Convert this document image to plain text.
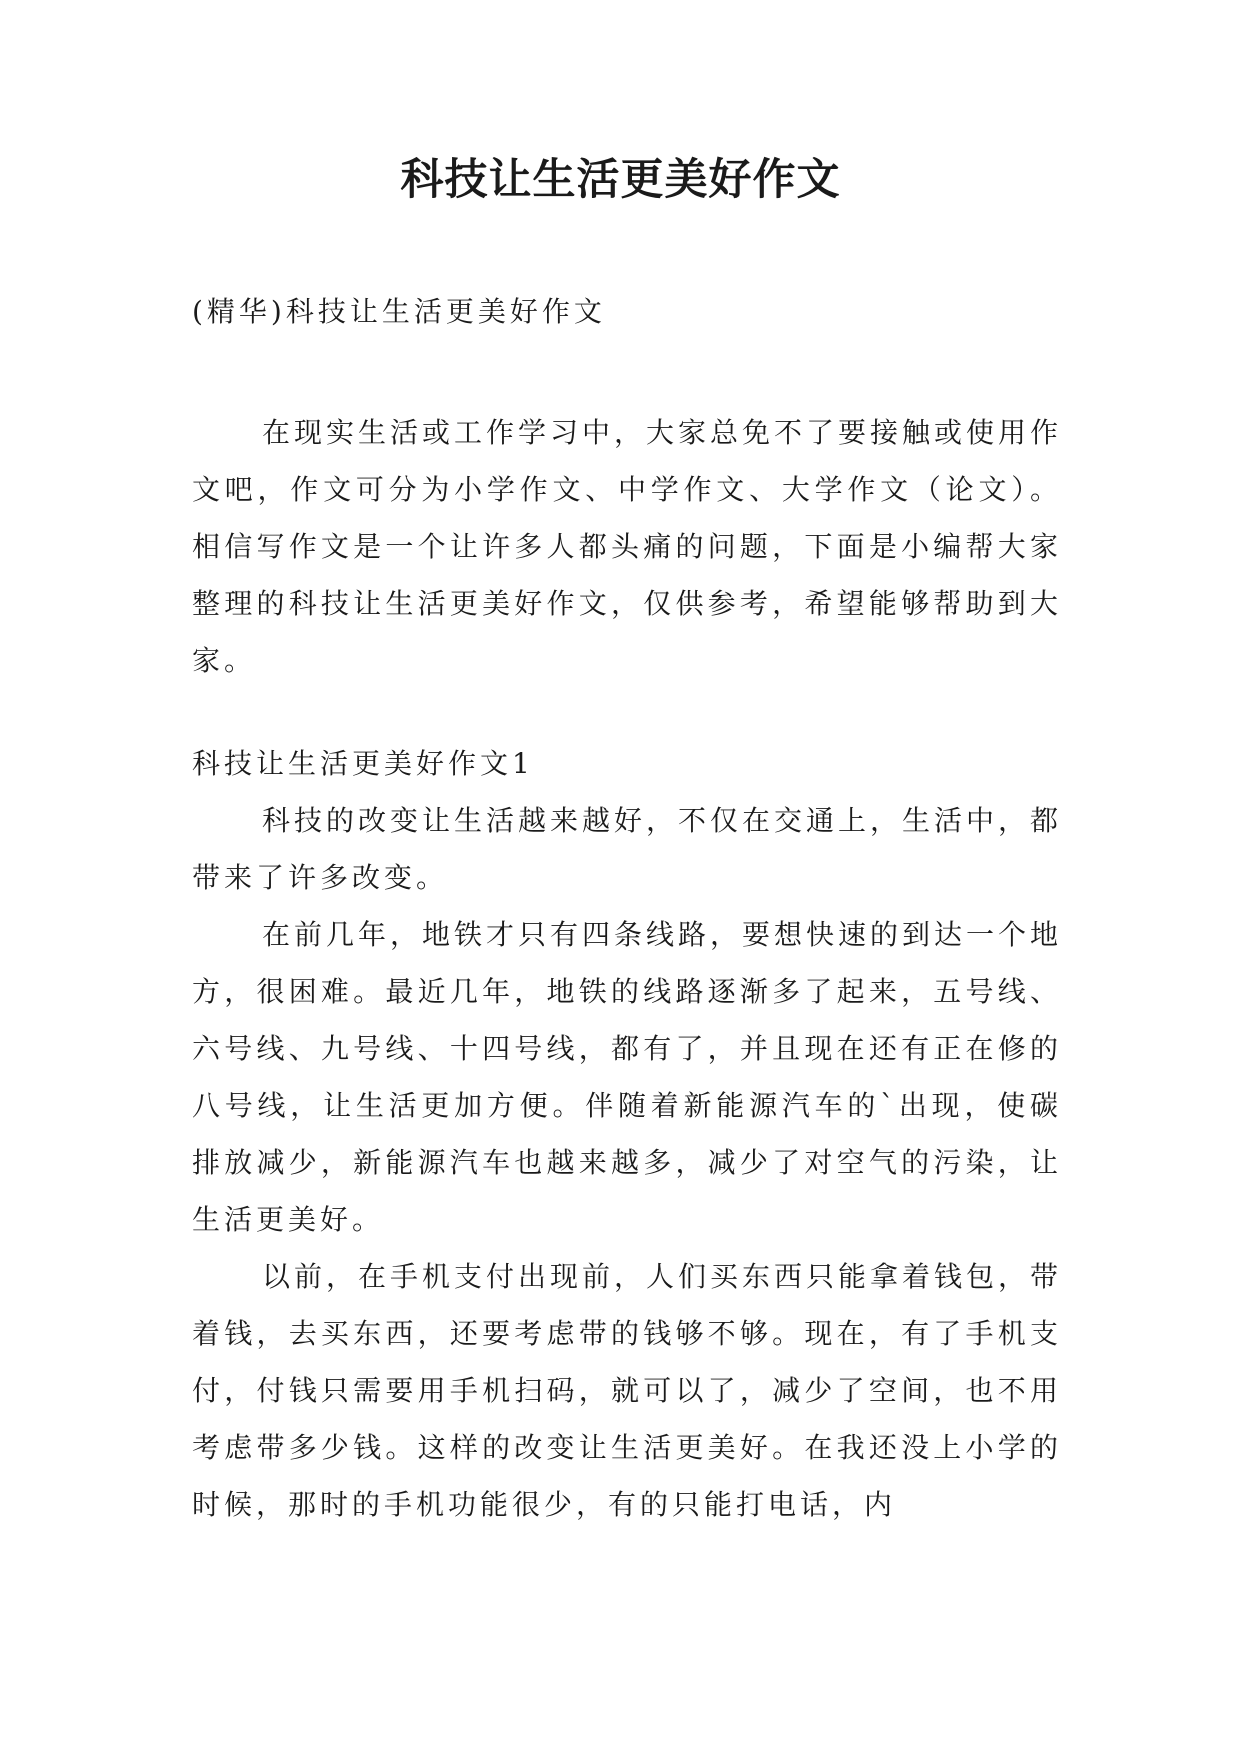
科技让生活更美好作文

(精华)科技让生活更美好作文

在现实生活或工作学习中，大家总免不了要接触或使用作文吧，作文可分为小学作文、中学作文、大学作文（论文）。相信写作文是一个让许多人都头痛的问题，下面是小编帮大家整理的科技让生活更美好作文，仅供参考，希望能够帮助到大家。

科技让生活更美好作文1

科技的改变让生活越来越好，不仅在交通上，生活中，都带来了许多改变。

在前几年，地铁才只有四条线路，要想快速的到达一个地方，很困难。最近几年，地铁的线路逐渐多了起来，五号线、六号线、九号线、十四号线，都有了，并且现在还有正在修的八号线，让生活更加方便。伴随着新能源汽车的`出现，使碳排放减少，新能源汽车也越来越多，减少了对空气的污染，让生活更美好。

以前，在手机支付出现前，人们买东西只能拿着钱包，带着钱，去买东西，还要考虑带的钱够不够。现在，有了手机支付，付钱只需要用手机扫码，就可以了，减少了空间，也不用考虑带多少钱。这样的改变让生活更美好。在我还没上小学的时候，那时的手机功能很少，有的只能打电话，内
